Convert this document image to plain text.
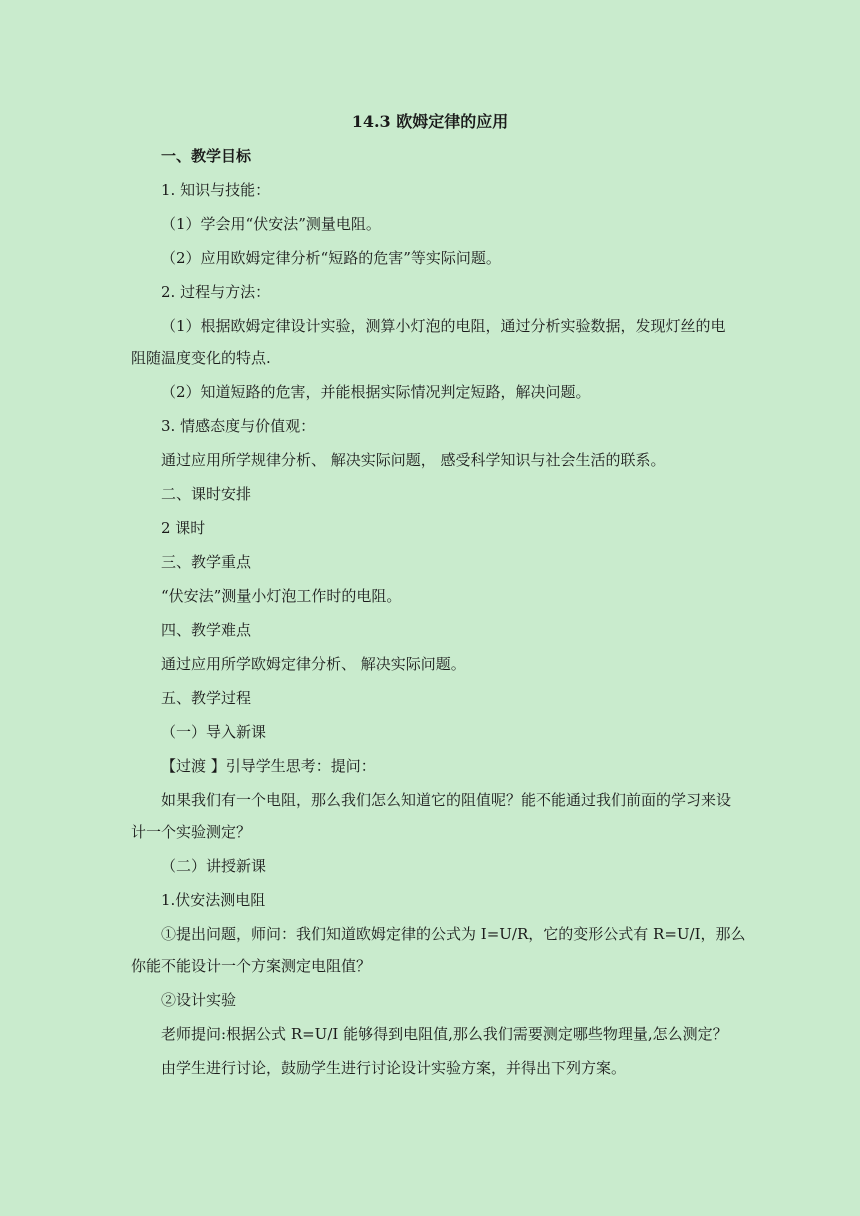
14.3 欧姆定律的应用
一、教学目标
1. 知识与技能：
（1）学会用“伏安法”测量电阻。
（2）应用欧姆定律分析“短路的危害”等实际问题。
2. 过程与方法：
（1）根据欧姆定律设计实验，测算小灯泡的电阻，通过分析实验数据，发现灯丝的电
阻随温度变化的特点.
（2）知道短路的危害，并能根据实际情况判定短路，解决问题。
3. 情感态度与价值观：
通过应用所学规律分析、 解决实际问题， 感受科学知识与社会生活的联系。
二、课时安排
2 课时
三、教学重点
“伏安法”测量小灯泡工作时的电阻。
四、教学难点
通过应用所学欧姆定律分析、 解决实际问题。
五、教学过程
（一）导入新课
【过渡 】引导学生思考：提问：
如果我们有一个电阻，那么我们怎么知道它的阻值呢？能不能通过我们前面的学习来设
计一个实验测定？
（二）讲授新课
1.伏安法测电阻
①提出问题，师问：我们知道欧姆定律的公式为 I=U/R，它的变形公式有 R=U/I，那么
你能不能设计一个方案测定电阻值？
②设计实验
老师提问:根据公式 R=U/I 能够得到电阻值,那么我们需要测定哪些物理量,怎么测定？
由学生进行讨论，鼓励学生进行讨论设计实验方案，并得出下列方案。
